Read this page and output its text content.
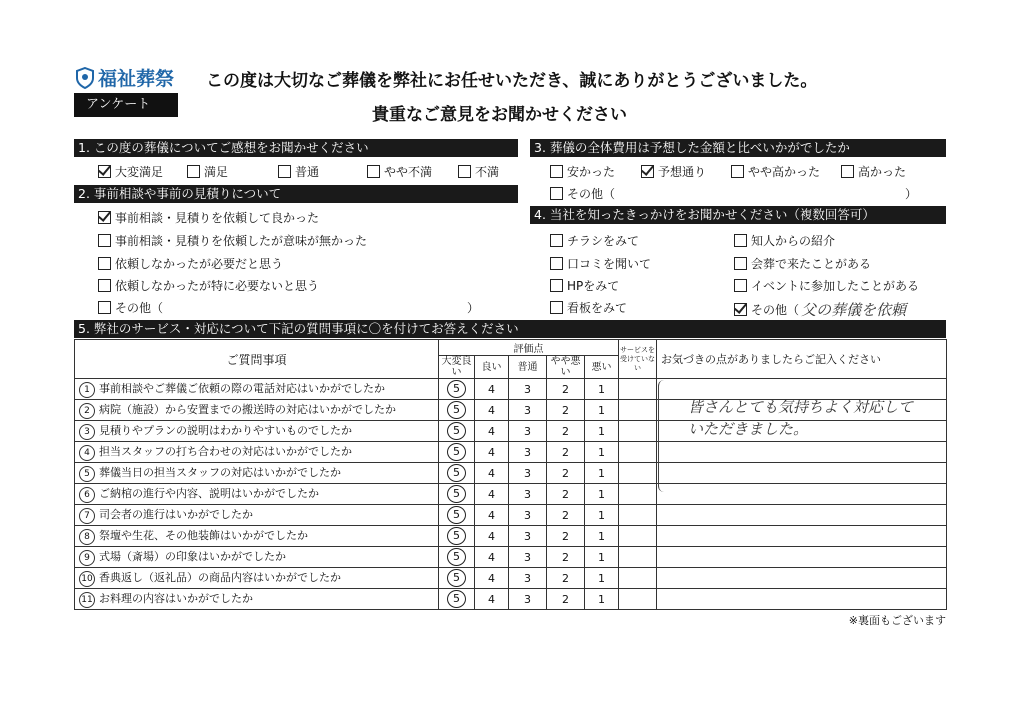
福祉葬祭
アンケート
この度は大切なご葬儀を弊社にお任せいただき、誠にありがとうございました。
貴重なご意見をお聞かせください
1. この度の葬儀についてご感想をお聞かせください
大変満足	満足	普通	やや不満	不満
2. 事前相談や事前の見積りについて
事前相談・見積りを依頼して良かった
事前相談・見積りを依頼したが意味が無かった
依頼しなかったが必要だと思う
依頼しなかったが特に必要ないと思う
その他（	）
3. 葬儀の全体費用は予想した金額と比べいかがでしたか
安かった	予想通り	やや高かった	高かった
その他（	）
4. 当社を知ったきっかけをお聞かせください（複数回答可）
チラシをみて	知人からの紹介
口コミを聞いて	会葬で来たことがある
HPをみて	イベントに参加したことがある
看板をみて	その他（ 父の葬儀を依頼
5. 弊社のサービス・対応について下記の質問事項に〇を付けてお答えください
ご質問事項	評価点					サービスを受けていない	お気づきの点がありましたらご記入ください
	大変良い	良い	普通	やや悪い	悪い		
1 事前相談やご葬儀ご依頼の際の電話対応はいかがでしたか	5	4	3	2	1		
2 病院（施設）から安置までの搬送時の対応はいかがでしたか	5	4	3	2	1		
3 見積りやプランの説明はわかりやすいものでしたか	5	4	3	2	1		
4 担当スタッフの打ち合わせの対応はいかがでしたか	5	4	3	2	1		
5 葬儀当日の担当スタッフの対応はいかがでしたか	5	4	3	2	1		
6 ご納棺の進行や内容、説明はいかがでしたか	5	4	3	2	1		
7 司会者の進行はいかがでしたか	5	4	3	2	1		
8 祭壇や生花、その他装飾はいかがでしたか	5	4	3	2	1		
9 式場（斎場）の印象はいかがでしたか	5	4	3	2	1		
10 香典返し（返礼品）の商品内容はいかがでしたか	5	4	3	2	1		
11 お料理の内容はいかがでしたか	5	4	3	2	1		
皆さんとても気持ちよく対応して
いただきました。
※裏面もございます
